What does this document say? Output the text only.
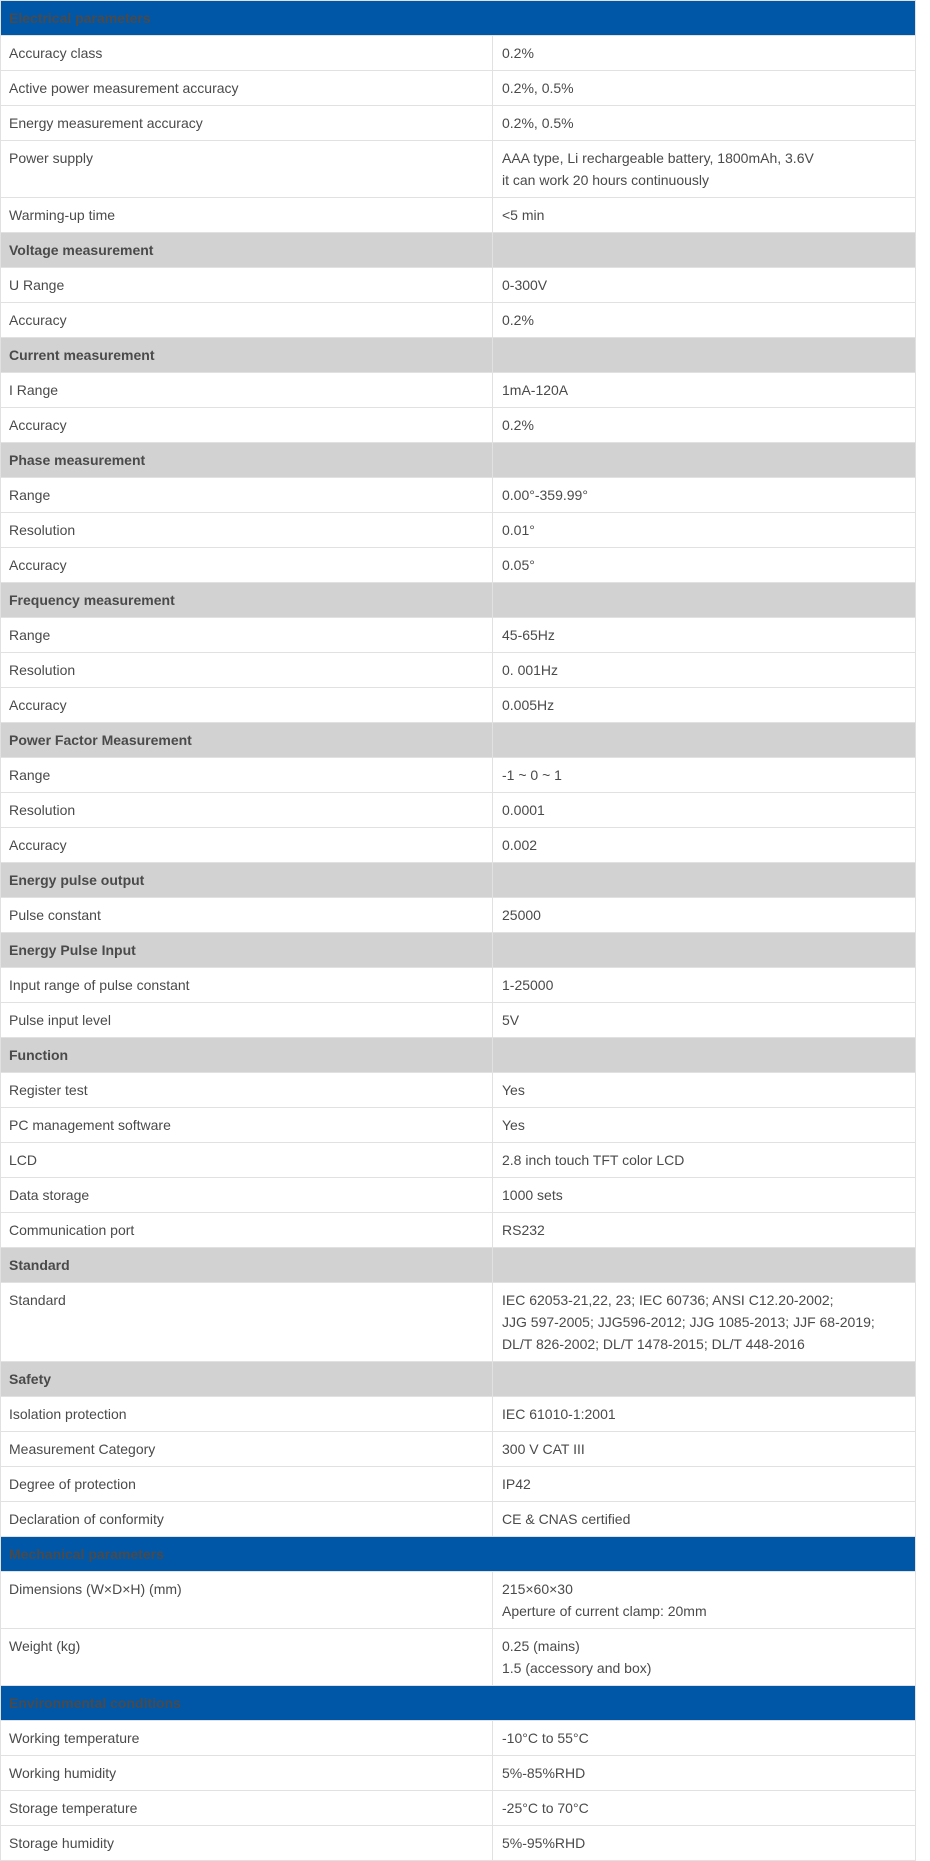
Electrical parameters	
Accuracy class	0.2%

Active power measurement accuracy	0.2%, 0.5%

Energy measurement accuracy	0.2%, 0.5%

Power supply	AAA type, Li rechargeable battery, 1800mAh, 3.6V
it can work 20 hours continuously

Warming-up time	<5 min

Voltage measurement	
U Range	0-300V

Accuracy	0.2%

Current measurement	
I Range	1mA-120A

Accuracy	0.2%

Phase measurement	
Range	0.00°-359.99°

Resolution	0.01°

Accuracy	0.05°

Frequency measurement	
Range	45-65Hz

Resolution	0. 001Hz

Accuracy	0.005Hz

Power Factor Measurement	
Range	-1 ~ 0 ~ 1

Resolution	0.0001

Accuracy	0.002

Energy pulse output	
Pulse constant	25000

Energy Pulse Input	
Input range of pulse constant	1-25000

Pulse input level	5V

Function	
Register test	Yes

PC management software	Yes

LCD	2.8 inch touch TFT color LCD

Data storage	1000 sets

Communication port	RS232

Standard	
Standard	IEC 62053-21,22, 23; IEC 60736; ANSI C12.20-2002;
JJG 597-2005; JJG596-2012; JJG 1085-2013; JJF 68-2019;
DL/T 826-2002; DL/T 1478-2015; DL/T 448-2016

Safety	
Isolation protection	IEC 61010-1:2001

Measurement Category	300 V CAT III

Degree of protection	IP42

Declaration of conformity	CE & CNAS certified

Mechanical parameters	
Dimensions (W×D×H) (mm)	215×60×30
Aperture of current clamp: 20mm

Weight (kg)	0.25 (mains)
1.5 (accessory and box)

Environmental conditions	
Working temperature	-10°C to 55°C

Working humidity	5%-85%RHD

Storage temperature	-25°C to 70°C

Storage humidity	5%-95%RHD
